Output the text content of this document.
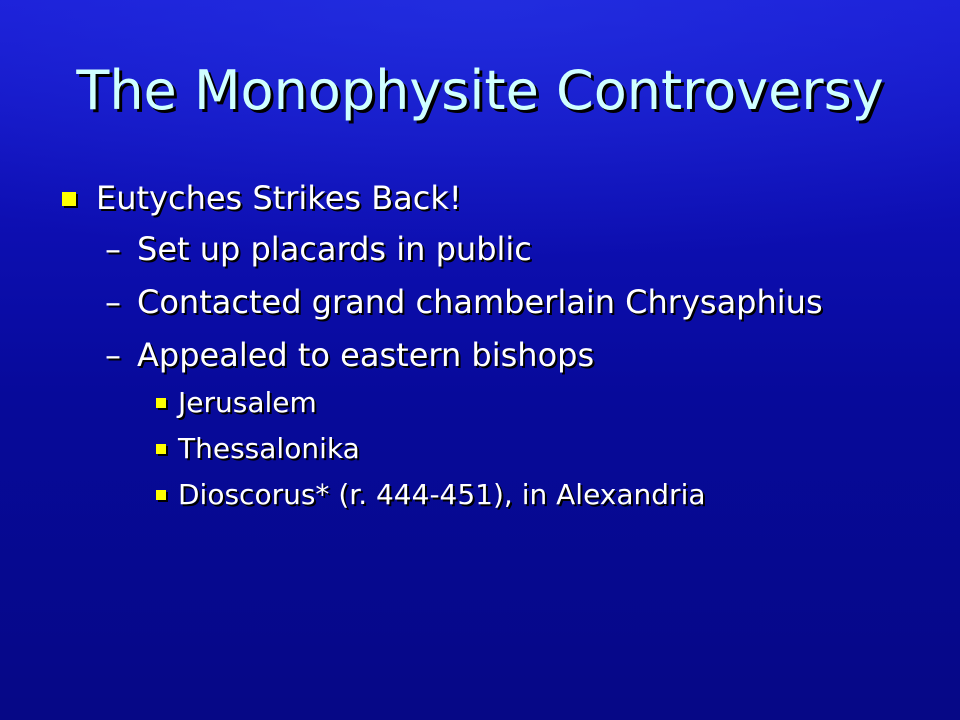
The Monophysite Controversy
Eutyches Strikes Back!
– Set up placards in public
– Contacted grand chamberlain Chrysaphius
– Appealed to eastern bishops
Jerusalem
Thessalonika
Dioscorus* (r. 444-451), in Alexandria
